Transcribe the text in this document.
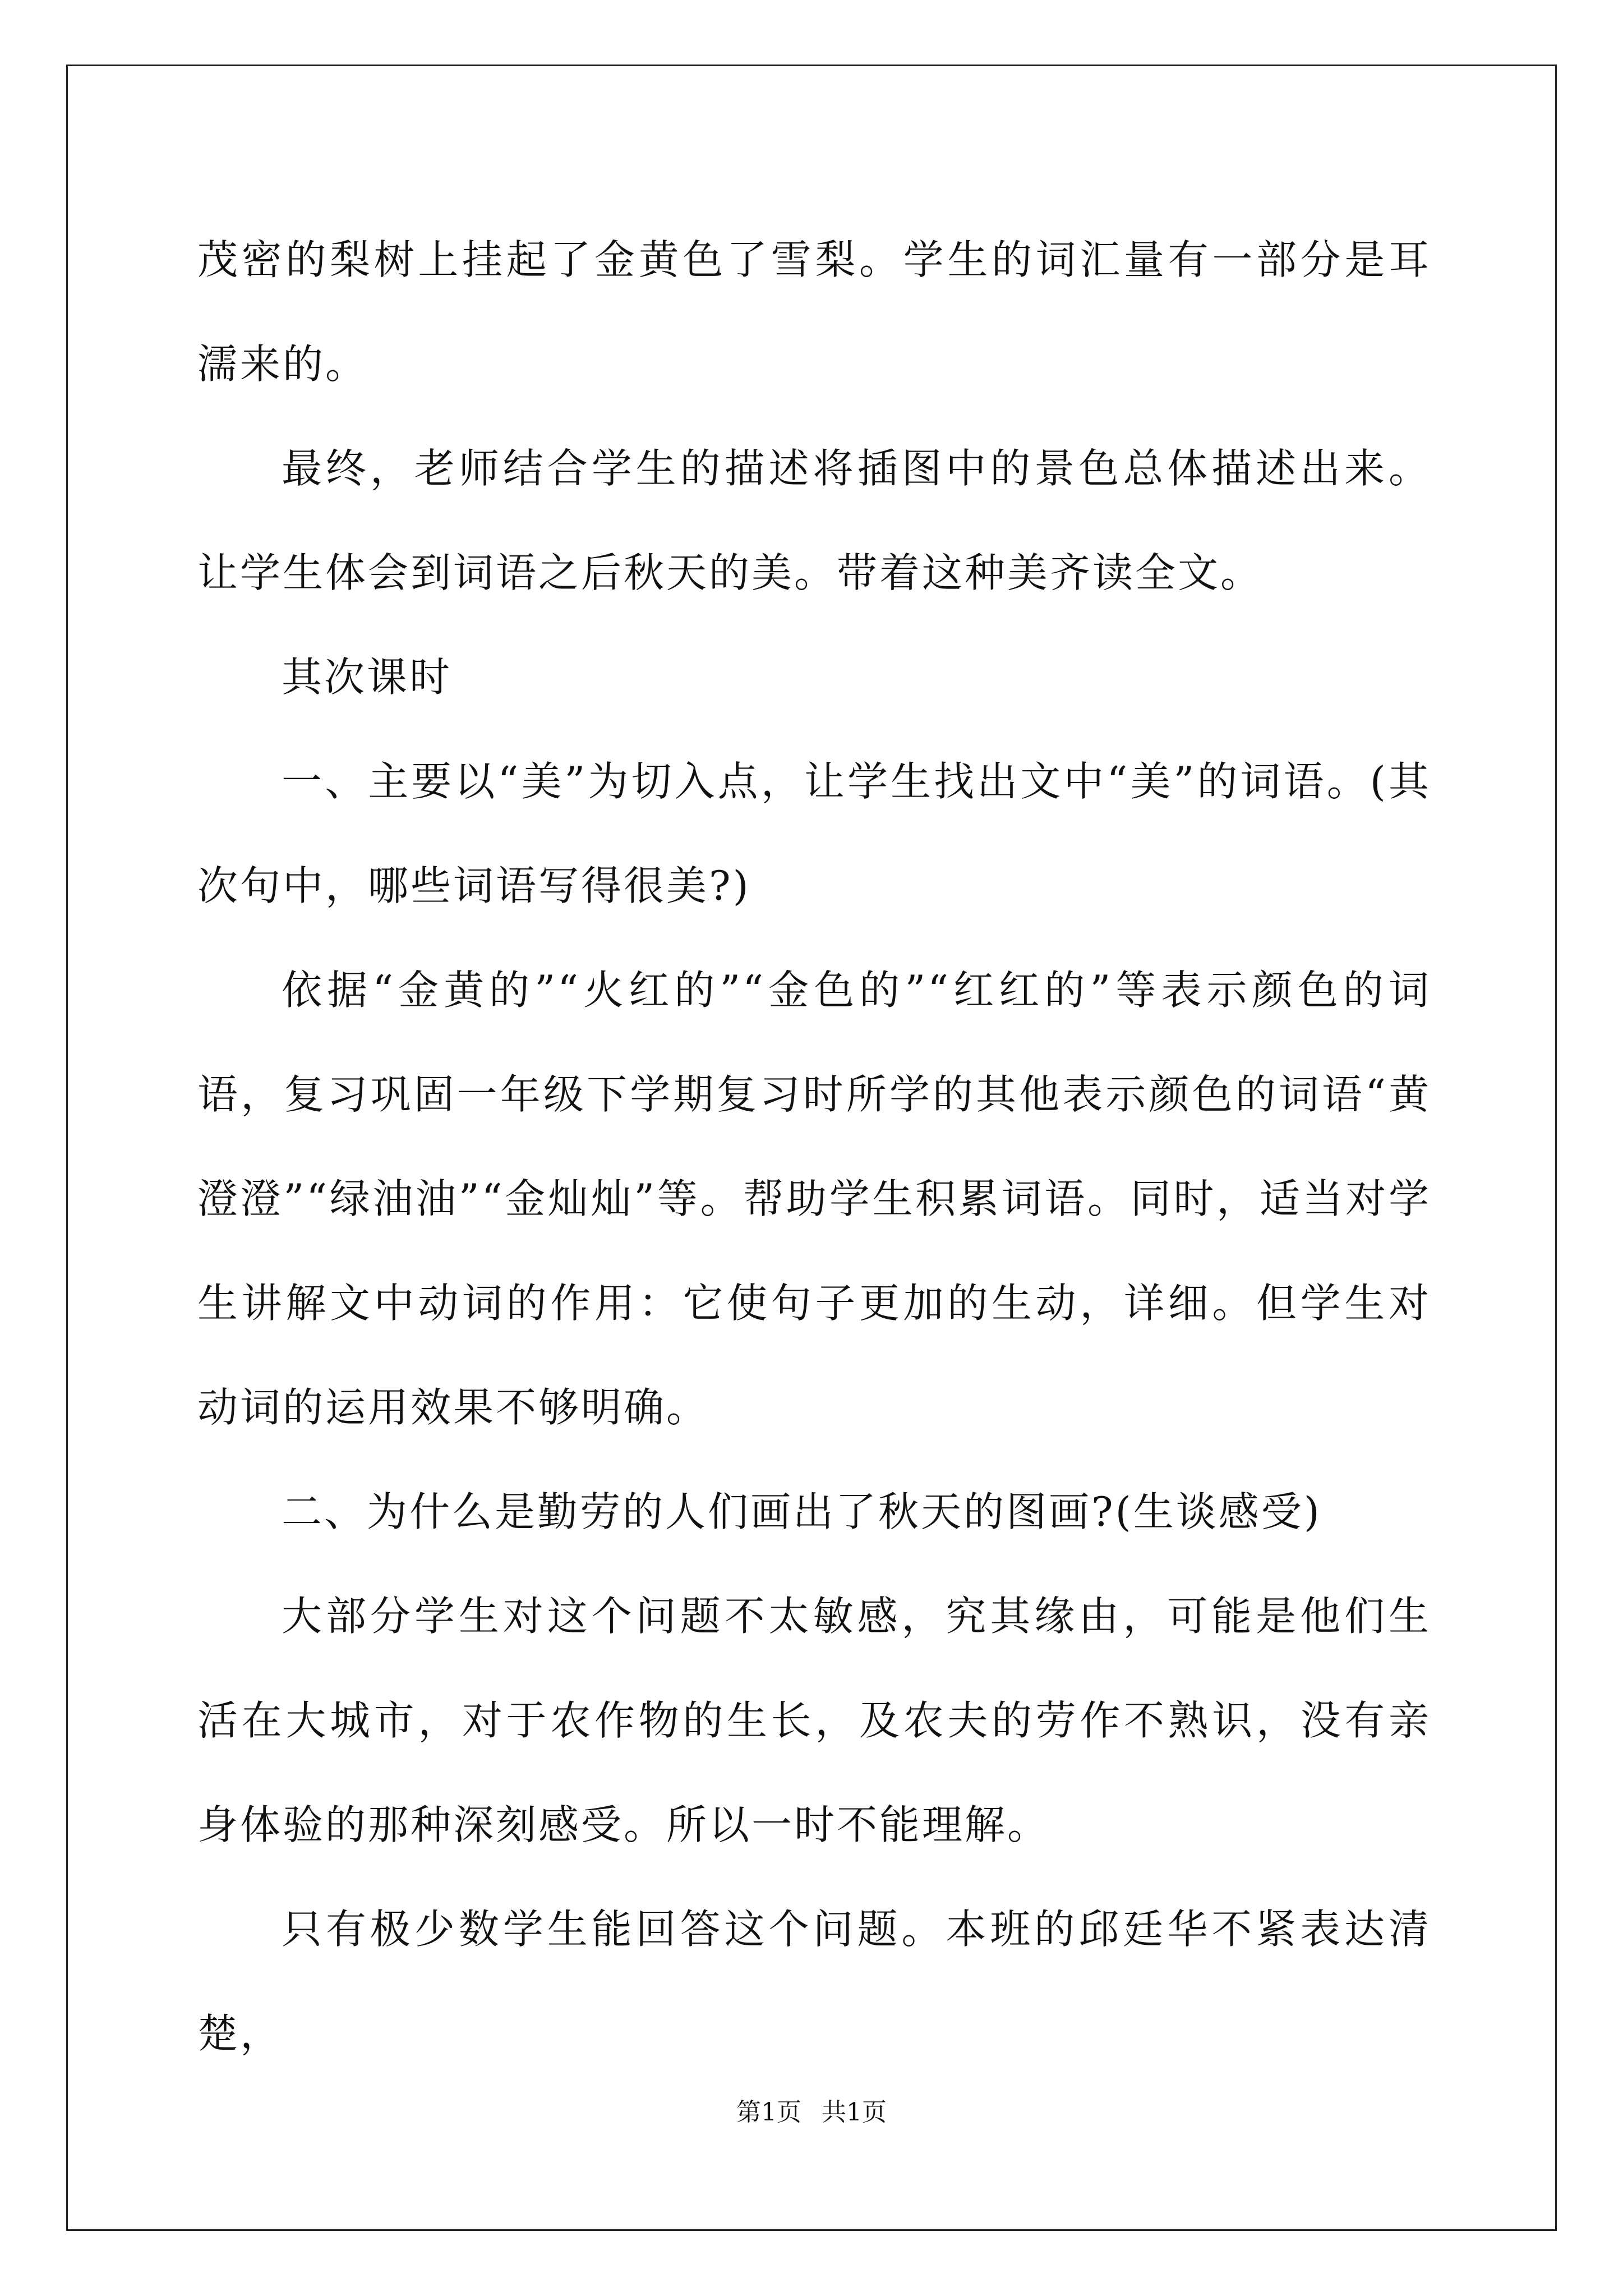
茂密的梨树上挂起了金黄色了雪梨。学生的词汇量有一部分是耳濡来的。

最终，老师结合学生的描述将插图中的景色总体描述出来。让学生体会到词语之后秋天的美。带着这种美齐读全文。

其次课时

一、主要以“美”为切入点，让学生找出文中“美”的词语。(其次句中，哪些词语写得很美?)

依据“金黄的”“火红的”“金色的”“红红的”等表示颜色的词语，复习巩固一年级下学期复习时所学的其他表示颜色的词语“黄澄澄”“绿油油”“金灿灿”等。帮助学生积累词语。同时，适当对学生讲解文中动词的作用：它使句子更加的生动，详细。但学生对动词的运用效果不够明确。

二、为什么是勤劳的人们画出了秋天的图画?(生谈感受)

大部分学生对这个问题不太敏感，究其缘由，可能是他们生活在大城市，对于农作物的生长，及农夫的劳作不熟识，没有亲身体验的那种深刻感受。所以一时不能理解。

只有极少数学生能回答这个问题。本班的邱廷华不紧表达清楚，

第1页 共1页
